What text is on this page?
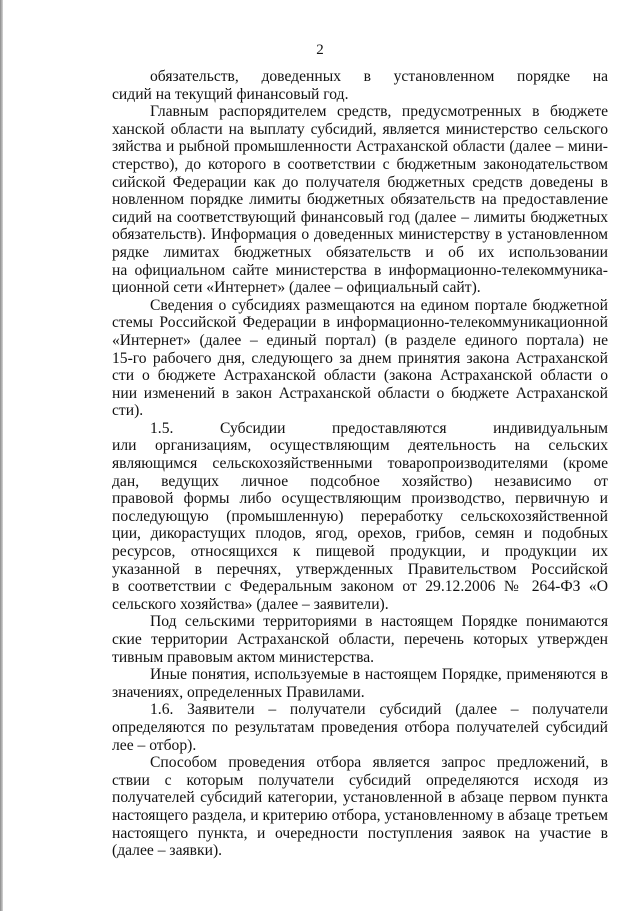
2
обязательств, доведенных в установленном порядке на
сидий на текущий финансовый год.
Главным распорядителем средств, предусмотренных в бюджете
ханской области на выплату субсидий, является министерство сельского
зяйства и рыбной промышленности Астраханской области (далее – мини-
стерство), до которого в соответствии с бюджетным законодательством
сийской Федерации как до получателя бюджетных средств доведены в
новленном порядке лимиты бюджетных обязательств на предоставление
сидий на соответствующий финансовый год (далее – лимиты бюджетных
обязательств). Информация о доведенных министерству в установленном
рядке лимитах бюджетных обязательств и об их использовании
на официальном сайте министерства в информационно-телекоммуника-
ционной сети «Интернет» (далее – официальный сайт).
Сведения о субсидиях размещаются на едином портале бюджетной
стемы Российской Федерации в информационно-телекоммуникационной
«Интернет» (далее – единый портал) (в разделе единого портала) не
15-го рабочего дня, следующего за днем принятия закона Астраханской
сти о бюджете Астраханской области (закона Астраханской области о
нии изменений в закон Астраханской области о бюджете Астраханской
сти).
1.5. Субсидии предоставляются индивидуальным
или организациям, осуществляющим деятельность на сельских
являющимся сельскохозяйственными товаропроизводителями (кроме
дан, ведущих личное подсобное хозяйство) независимо от
правовой формы либо осуществляющим производство, первичную и
последующую (промышленную) переработку сельскохозяйственной
ции, дикорастущих плодов, ягод, орехов, грибов, семян и подобных
ресурсов, относящихся к пищевой продукции, и продукции их
указанной в перечнях, утвержденных Правительством Российской
в соответствии с Федеральным законом от 29.12.2006 № 264-ФЗ «О
сельского хозяйства» (далее – заявители).
Под сельскими территориями в настоящем Порядке понимаются
ские территории Астраханской области, перечень которых утвержден
тивным правовым актом министерства.
Иные понятия, используемые в настоящем Порядке, применяются в
значениях, определенных Правилами.
1.6. Заявители – получатели субсидий (далее – получатели
определяются по результатам проведения отбора получателей субсидий
лее – отбор).
Способом проведения отбора является запрос предложений, в
ствии с которым получатели субсидий определяются исходя из
получателей субсидий категории, установленной в абзаце первом пункта
настоящего раздела, и критерию отбора, установленному в абзаце третьем
настоящего пункта, и очередности поступления заявок на участие в
(далее – заявки).
